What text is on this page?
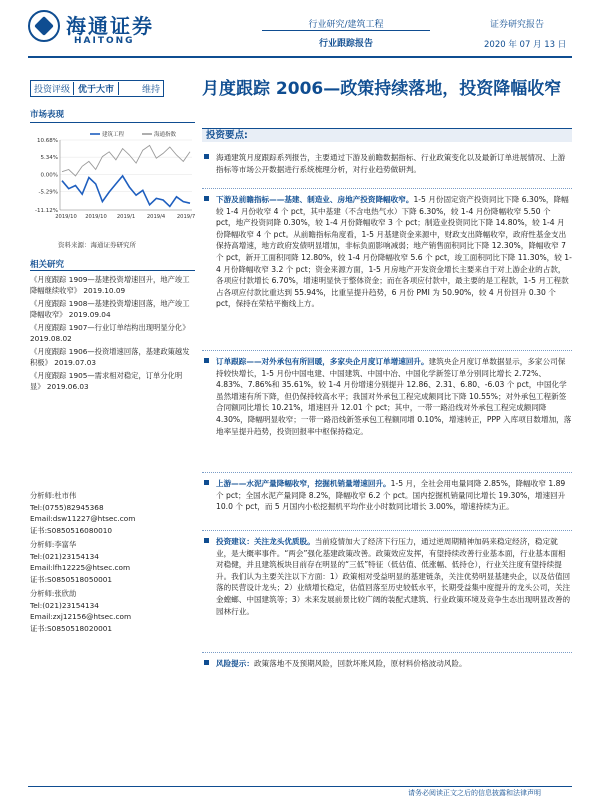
海通证券
HAITONG
行业研究/建筑工程
行业跟踪报告
证券研究报告
2020 年 07 月 13 日
投资评级 优于大市	维持 月度跟踪 2006—政策持续落地，投资降幅收窄
市场表现
10.68%
5.34%
0.00%
-5.29%
-11.12%
2019/10 2019/10 2019/1 2019/4 2019/7
建筑工程	海通指数
资料来源：海通证券研究所
相关研究
《月度跟踪 1909—基建投资增速回升，地产竣工降幅继续收窄》 2019.10.09
《月度跟踪 1908—基建投资增速回落，地产竣工降幅收窄》 2019.09.04
《月度跟踪 1907—行业订单结构出现明显分化》 2019.08.02
《月度跟踪 1906—投资增速回落，基建政策越发积极》 2019.07.03
《月度跟踪 1905—需求相对稳定，订单分化明显》 2019.06.03
分析师:杜市伟
Tel:(0755)82945368
Email:dsw11227@htsec.com
证书:S0850516080010
分析师:李富华
Tel:(021)23154134
Email:lfh12225@htsec.com
证书:S0850518050001
分析师:张欣劼
Tel:(021)23154134
Email:zxj12156@htsec.com
证书:S0850518020001
投资要点:
海通建筑月度跟踪系列报告，主要通过下游及前瞻数据指标、行业政策变化以及最新订单进展情况、上游指标等市场公开数据进行系统梳理分析，对行业趋势做研判。
下游及前瞻指标——基建、制造业、房地产投资降幅收窄。1-5 月份固定资产投资同比下降 6.30%，降幅较 1-4 月份收窄 4 个 pct，其中基建（不含电热气水）下降 6.30%，较 1-4 月份降幅收窄 5.50 个 pct，地产投资同降 0.30%，较 1-4 月份降幅收窄 3 个 pct；制造业投资同比下降 14.80%，较 1-4 月份降幅收窄 4 个 pct。从前瞻指标角度看，1-5 月基建资金来源中，财政支出降幅收窄，政府性基金支出保持高增速，地方政府发债明显增加，非标负面影响减弱；地产销售面积同比下降 12.30%，降幅收窄 7 个 pct，新开工面积同降 12.80%，较 1-4 月份降幅收窄 5.6 个 pct，竣工面积同比下降 11.30%，较 1-4 月份降幅收窄 3.2 个 pct；资金来源方面，1-5 月房地产开发资金增长主要来自于对上游企业的占款，各项应付款增长 6.70%，增速明显快于整体资金；而在各项应付款中，最主要的是工程款，1-5 月工程款占各项应付款比重达到 55.94%，比重呈提升趋势，6 月份 PMI 为 50.90%，较 4 月份回升 0.30 个 pct，保持在荣枯平衡线上方。
订单跟踪——对外承包有所回暖，多家央企月度订单增速回升。建筑央企月度订单数据显示，多家公司保持较快增长，1-5 月份中国电建、中国建筑、中国中冶、中国化学新签订单分别同比增长 2.72%、4.83%、7.86%和 35.61%，较 1-4 月份增速分别提升 12.86、2.31、6.80、-6.03 个 pct，中国化学虽然增速有所下降，但仍保持较高水平；我国对外承包工程完成额同比下降 10.55%；对外承包工程新签合同额同比增长 10.21%，增速回升 12.01 个 pct；其中，一带一路沿线对外承包工程完成额同降 4.30%，降幅明显收窄；一带一路沿线新签承包工程额同增 0.10%，增速转正，PPP 入库项目数增加，落地率呈提升趋势，投资回报率中枢保持稳定。
上游——水泥产量降幅收窄，挖掘机销量增速回升。1-5 月，全社会用电量同降 2.85%，降幅收窄 1.89 个 pct；全国水泥产量同降 8.2%，降幅收窄 6.2 个 pct。国内挖掘机销量同比增长 19.30%，增速回升 10.0 个 pct，而 5 月国内小松挖掘机平均作业小时数同比增长 3.00%，增速持续为正。
投资建议：关注龙头优质股。当前疫情加大了经济下行压力，通过逆周期精神加码来稳定经济，稳定就业，是大概率事件。“两会”强化基建政策改善。政策效应发挥，有望持续改善行业基本面，行业基本面相对稳健，并且建筑板块目前存在明显的“三低”特征（低估值、低涨幅、低持仓），行业关注度有望持续提升。我们认为主要关注以下方面：1）政策相对受益明显的基建链条，关注优势明显基建央企，以及估值回落的民营设计龙头；2）业绩增长稳定，估值回落至历史较低水平，长期受益集中度提升的龙头公司，关注金螳螂、中国建筑等；3）未来发展前景比较广阔的装配式建筑、行业政策环境及竞争生态出现明显改善的园林行业。
风险提示：政策落地不及预期风险，回款坏账风险，原材料价格波动风险。
请务必阅读正文之后的信息披露和法律声明
